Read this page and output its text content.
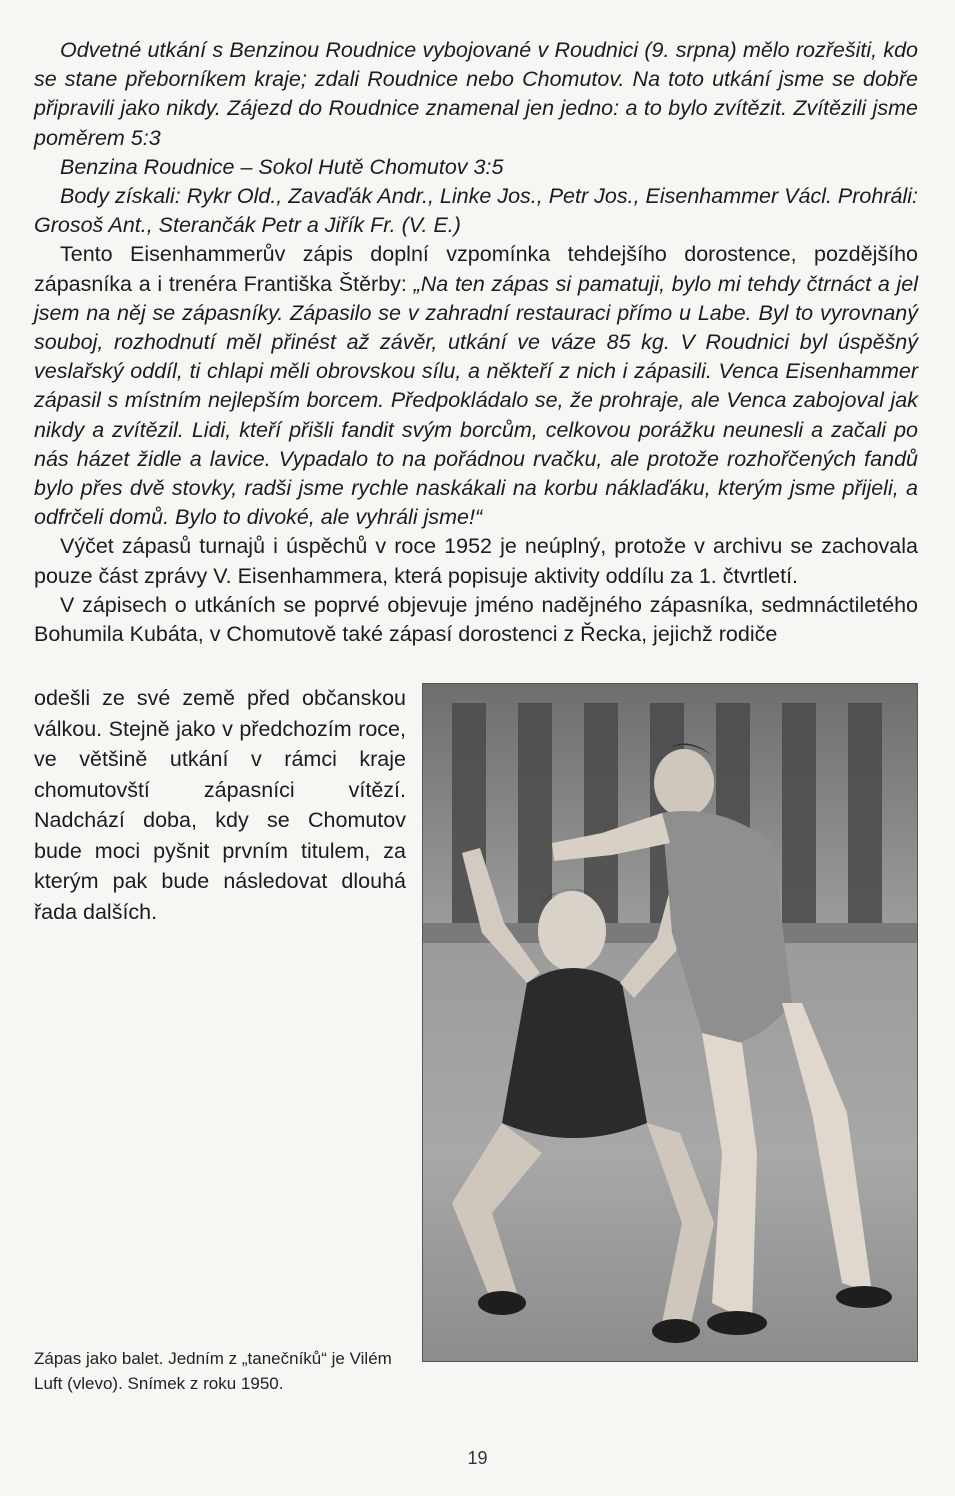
Odvetné utkání s Benzinou Roudnice vybojované v Roudnici (9. srpna) mělo rozřešiti, kdo se stane přeborníkem kraje; zdali Roudnice nebo Chomutov. Na toto utkání jsme se dobře připravili jako nikdy. Zájezd do Roudnice znamenal jen jedno: a to bylo zvítězit. Zvítězili jsme poměrem 5:3

Benzina Roudnice – Sokol Hutě Chomutov 3:5

Body získali: Rykr Old., Zavaďák Andr., Linke Jos., Petr Jos., Eisenhammer Václ. Prohráli: Grosoš Ant., Sterančák Petr a Jiřík Fr. (V. E.)

Tento Eisenhammerův zápis doplní vzpomínka tehdejšího dorostence, pozdějšího zápasníka a i trenéra Františka Štěrby: „Na ten zápas si pamatuji, bylo mi tehdy čtrnáct a jel jsem na něj se zápasníky. Zápasilo se v zahradní restauraci přímo u Labe. Byl to vyrovnaný souboj, rozhodnutí měl přinést až závěr, utkání ve váze 85 kg. V Roudnici byl úspěšný veslařský oddíl, ti chlapi měli obrovskou sílu, a někteří z nich i zápasili. Venca Eisenhammer zápasil s místním nejlepším borcem. Předpokládalo se, že prohraje, ale Venca zabojoval jak nikdy a zvítězil. Lidi, kteří přišli fandit svým borcům, celkovou porážku neunesli a začali po nás házet židle a lavice. Vypadalo to na pořádnou rvačku, ale protože rozhořčených fandů bylo přes dvě stovky, radši jsme rychle naskákali na korbu náklaďáku, kterým jsme přijeli, a odfrčeli domů. Bylo to divoké, ale vyhráli jsme!“

Výčet zápasů turnajů i úspěchů v roce 1952 je neúplný, protože v archivu se zachovala pouze část zprávy V. Eisenhammera, která popisuje aktivity oddílu za 1. čtvrtletí.

V zápisech o utkáních se poprvé objevuje jméno nadějného zápasníka, sedmnáctiletého Bohumila Kubáta, v Chomutově také zápasí dorostenci z Řecka, jejichž rodiče

odešli ze své země před občanskou válkou. Stejně jako v předchozím roce, ve většině utkání v rámci kraje chomutovští zápasníci vítězí. Nadchází doba, kdy se Chomutov bude moci pyšnit prvním titulem, za kterým pak bude následovat dlouhá řada dalších.

Zápas jako balet. Jedním z „tanečníků“ je Vilém Luft (vlevo). Snímek z roku 1950.
19
